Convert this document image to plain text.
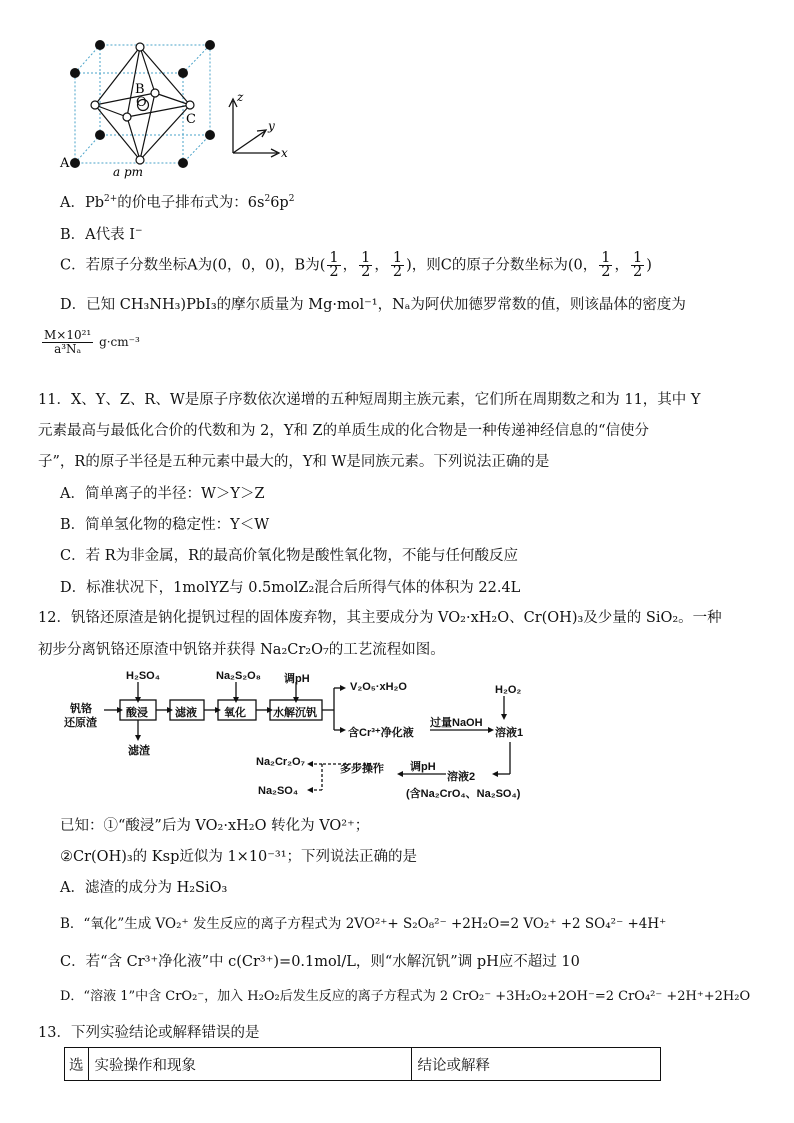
A
B
C
a pm
z
y
x
O
A．$Pb^{2+}$的价电子排布式为：$6s^26p^2$
B．A代表 I−
C．若原子分数坐标A为(0，0，0)，B为( $\frac{1}{2}$ ， $\frac{1}{2}$ ， $\frac{1}{2}$ )，则C的原子分数坐标为(0， $\frac{1}{2}$ ， $\frac{1}{2}$ )
D．已知 CH₃NH₃)PbI₃的摩尔质量为 Mg·mol⁻¹，Nₐ为阿伏加德罗常数的值，则该晶体的密度为
$\frac{\text{M×10²¹}}{\text{a³Nₐ}} g\cdot cm^{-3}$
11．X、Y、Z、R、W是原子序数依次递增的五种短周期主族元素，它们所在周期数之和为 11，其中 Y
元素最高与最低化合价的代数和为 2，Y和 Z的单质生成的化合物是一种传递神经信息的“信使分
子”，R的原子半径是五种元素中最大的，Y和 W是同族元素。下列说法正确的是
A．简单离子的半径：W＞Y＞Z
B．简单氢化物的稳定性：Y＜W
C．若 R为非金属，R的最高价氧化物是酸性氧化物，不能与任何酸反应
D．标准状况下，1molYZ与 0.5molZ₂混合后所得气体的体积为 22.4L
12．钒铬还原渣是钠化提钒过程的固体废弃物，其主要成分为 VO₂·xH₂O、Cr(OH)₃及少量的 SiO₂。一种
初步分离钒铬还原渣中钒铬并获得 Na₂Cr₂O₇的工艺流程如图。
钒铬
还原渣
H₂SO₄	Na₂S₂O₈ 调pH
酸浸 滤液 氧化 水解沉钒
滤渣
V₂O₅·xH₂O
含Cr³⁺净化液
过量NaOH
H₂O₂
溶液1
调pH
溶液2
(含Na₂CrO₄、Na₂SO₄)
多步操作
Na₂Cr₂O₇
Na₂SO₄
已知：①“酸浸”后为 VO₂·xH₂O 转化为 VO²⁺；
②Cr(OH)₃的 Ksp近似为 1×10⁻³¹；下列说法正确的是
A．滤渣的成分为 H₂SiO₃
B．“氧化”生成 VO₂⁺ 发生反应的离子方程式为 2VO²⁺+ S₂O₈²⁻ +2H₂O=2 VO₂⁺ +2 SO₄²⁻ +4H⁺
C．若“含 Cr³⁺净化液”中 c(Cr³⁺)=0.1mol/L，则“水解沉钒”调 pH应不超过 10
D．“溶液 1”中含 CrO₂⁻，加入 H₂O₂后发生反应的离子方程式为 2 CrO₂⁻ +3H₂O₂+2OH⁻=2 CrO₄²⁻ +2H⁺+2H₂O
13．下列实验结论或解释错误的是
选	实验操作和现象	结论或解释
